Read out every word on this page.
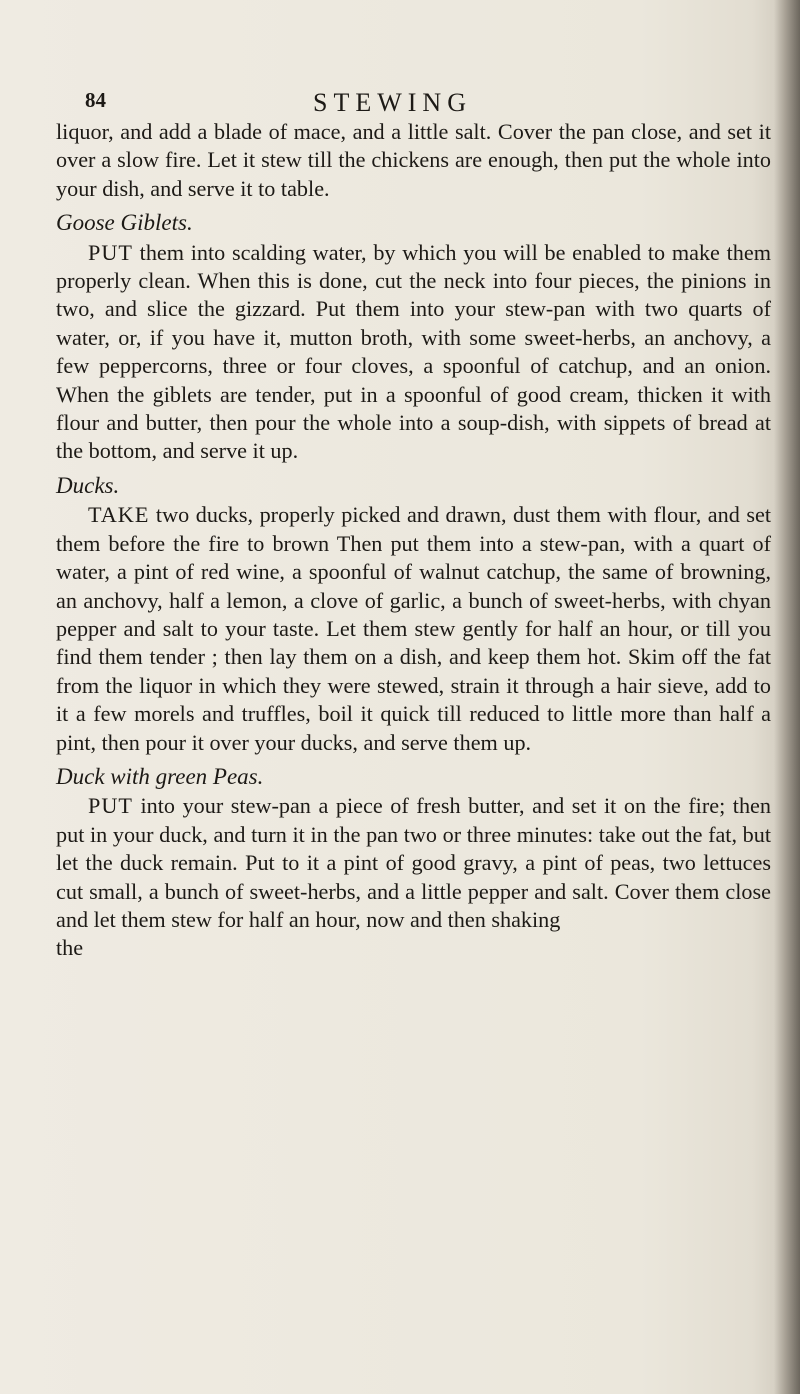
84	STEWING

liquor, and add a blade of mace, and a little salt. Cover the pan close, and set it over a slow fire. Let it stew till the chickens are enough, then put the whole into your dish, and serve it to table.

Goose Giblets.

PUT them into scalding water, by which you will be enabled to make them properly clean. When this is done, cut the neck into four pieces, the pinions in two, and slice the gizzard. Put them into your stew-pan with two quarts of water, or, if you have it, mutton broth, with some sweet-herbs, an anchovy, a few peppercorns, three or four cloves, a spoonful of catchup, and an onion. When the giblets are tender, put in a spoonful of good cream, thicken it with flour and butter, then pour the whole into a soup-dish, with sippets of bread at the bottom, and serve it up.

Ducks.

TAKE two ducks, properly picked and drawn, dust them with flour, and set them before the fire to brown Then put them into a stew-pan, with a quart of water, a pint of red wine, a spoonful of walnut catchup, the same of browning, an anchovy, half a lemon, a clove of garlic, a bunch of sweet-herbs, with chyan pepper and salt to your taste. Let them stew gently for half an hour, or till you find them tender ; then lay them on a dish, and keep them hot. Skim off the fat from the liquor in which they were stewed, strain it through a hair sieve, add to it a few morels and truffles, boil it quick till reduced to little more than half a pint, then pour it over your ducks, and serve them up.

Duck with green Peas.

PUT into your stew-pan a piece of fresh butter, and set it on the fire; then put in your duck, and turn it in the pan two or three minutes: take out the fat, but let the duck remain. Put to it a pint of good gravy, a pint of peas, two lettuces cut small, a bunch of sweet-herbs, and a little pepper and salt. Cover them close and let them stew for half an hour, now and then shaking

the
